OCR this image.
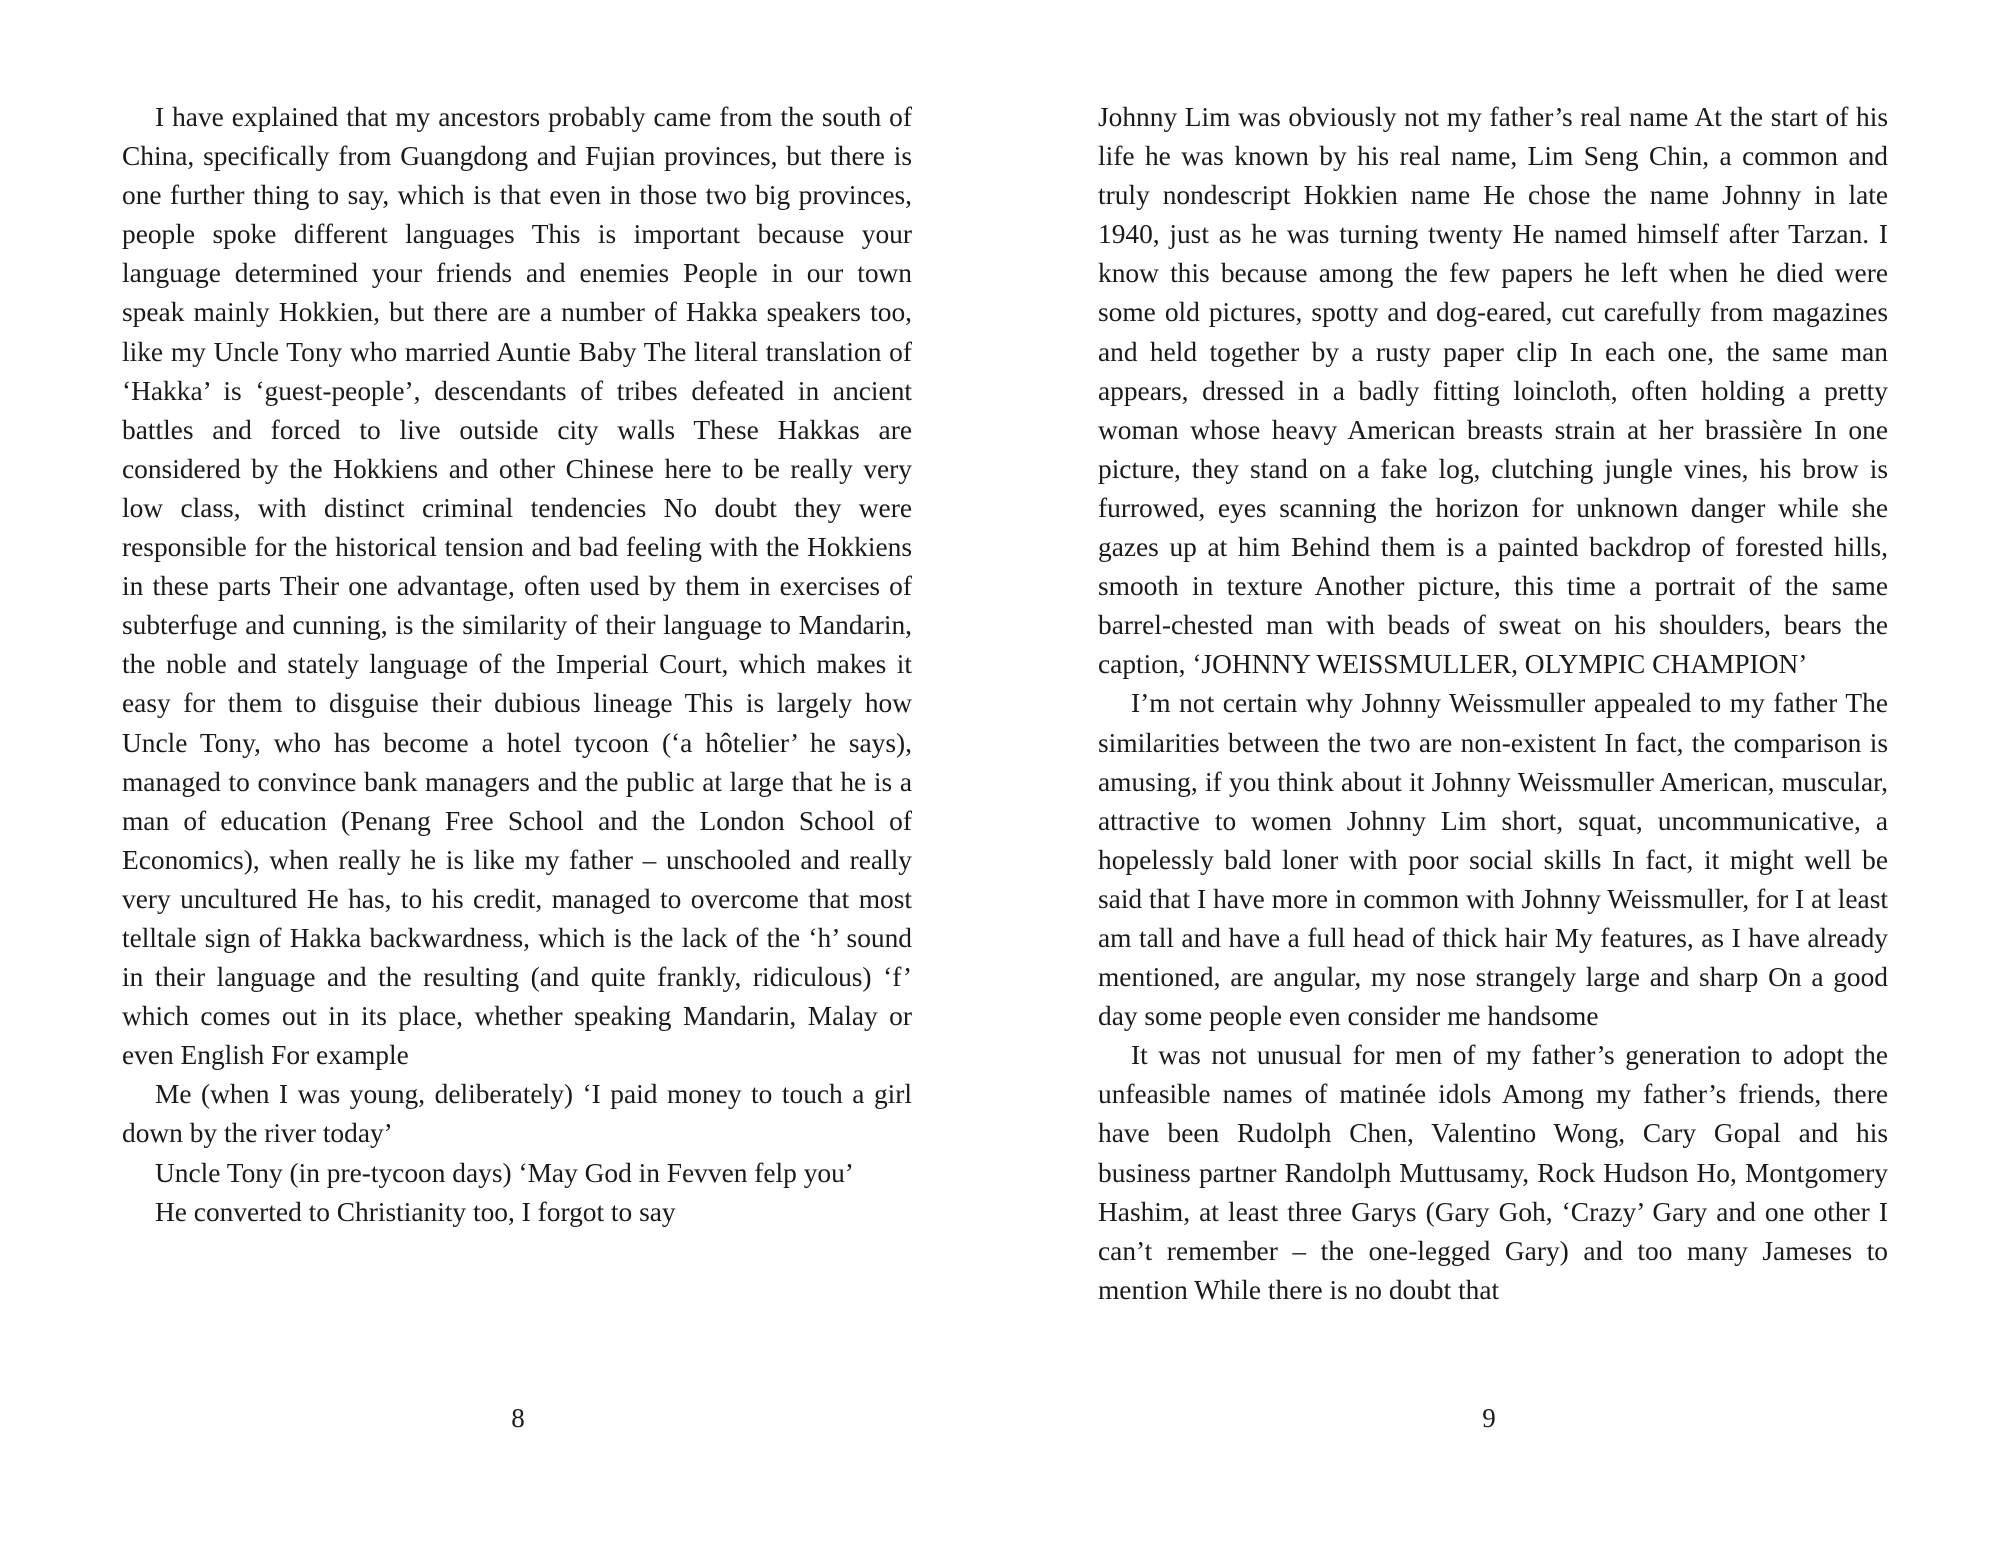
I have explained that my ancestors probably came from the south of China, specifically from Guangdong and Fujian provinces, but there is one further thing to say, which is that even in those two big provinces, people spoke different languages This is important because your language determined your friends and enemies People in our town speak mainly Hokkien, but there are a number of Hakka speakers too, like my Uncle Tony who married Auntie Baby The literal translation of ‘Hakka’ is ‘guest-people’, descendants of tribes defeated in ancient battles and forced to live outside city walls These Hakkas are considered by the Hokkiens and other Chinese here to be really very low class, with distinct criminal tendencies No doubt they were responsible for the historical tension and bad feeling with the Hokkiens in these parts Their one advantage, often used by them in exercises of subterfuge and cunning, is the similarity of their language to Mandarin, the noble and stately language of the Imperial Court, which makes it easy for them to disguise their dubious lineage This is largely how Uncle Tony, who has become a hotel tycoon (‘a hôtelier’ he says), managed to convince bank managers and the public at large that he is a man of education (Penang Free School and the London School of Economics), when really he is like my father – unschooled and really very uncultured He has, to his credit, managed to overcome that most telltale sign of Hakka backwardness, which is the lack of the ‘h’ sound in their language and the resulting (and quite frankly, ridiculous) ‘f’ which comes out in its place, whether speaking Mandarin, Malay or even English For example

Me (when I was young, deliberately) ‘I paid money to touch a girl down by the river today’

Uncle Tony (in pre-tycoon days) ‘May God in Fevven felp you’

He converted to Christianity too, I forgot to say

Johnny Lim was obviously not my father’s real name At the start of his life he was known by his real name, Lim Seng Chin, a common and truly nondescript Hokkien name He chose the name Johnny in late 1940, just as he was turning twenty He named himself after Tarzan. I know this because among the few papers he left when he died were some old pictures, spotty and dog-eared, cut carefully from magazines and held together by a rusty paper clip In each one, the same man appears, dressed in a badly fitting loincloth, often holding a pretty woman whose heavy American breasts strain at her brassière In one picture, they stand on a fake log, clutching jungle vines, his brow is furrowed, eyes scanning the horizon for unknown danger while she gazes up at him Behind them is a painted backdrop of forested hills, smooth in texture Another picture, this time a portrait of the same barrel-chested man with beads of sweat on his shoulders, bears the caption, ‘JOHNNY WEISSMULLER, OLYMPIC CHAMPION’

I’m not certain why Johnny Weissmuller appealed to my father The similarities between the two are non-existent In fact, the comparison is amusing, if you think about it Johnny Weissmuller American, muscular, attractive to women Johnny Lim short, squat, uncommunicative, a hopelessly bald loner with poor social skills In fact, it might well be said that I have more in common with Johnny Weissmuller, for I at least am tall and have a full head of thick hair My features, as I have already mentioned, are angular, my nose strangely large and sharp On a good day some people even consider me handsome

It was not unusual for men of my father’s generation to adopt the unfeasible names of matinée idols Among my father’s friends, there have been Rudolph Chen, Valentino Wong, Cary Gopal and his business partner Randolph Muttusamy, Rock Hudson Ho, Montgomery Hashim, at least three Garys (Gary Goh, ‘Crazy’ Gary and one other I can’t remember – the one-legged Gary) and too many Jameses to mention While there is no doubt that

8	9
